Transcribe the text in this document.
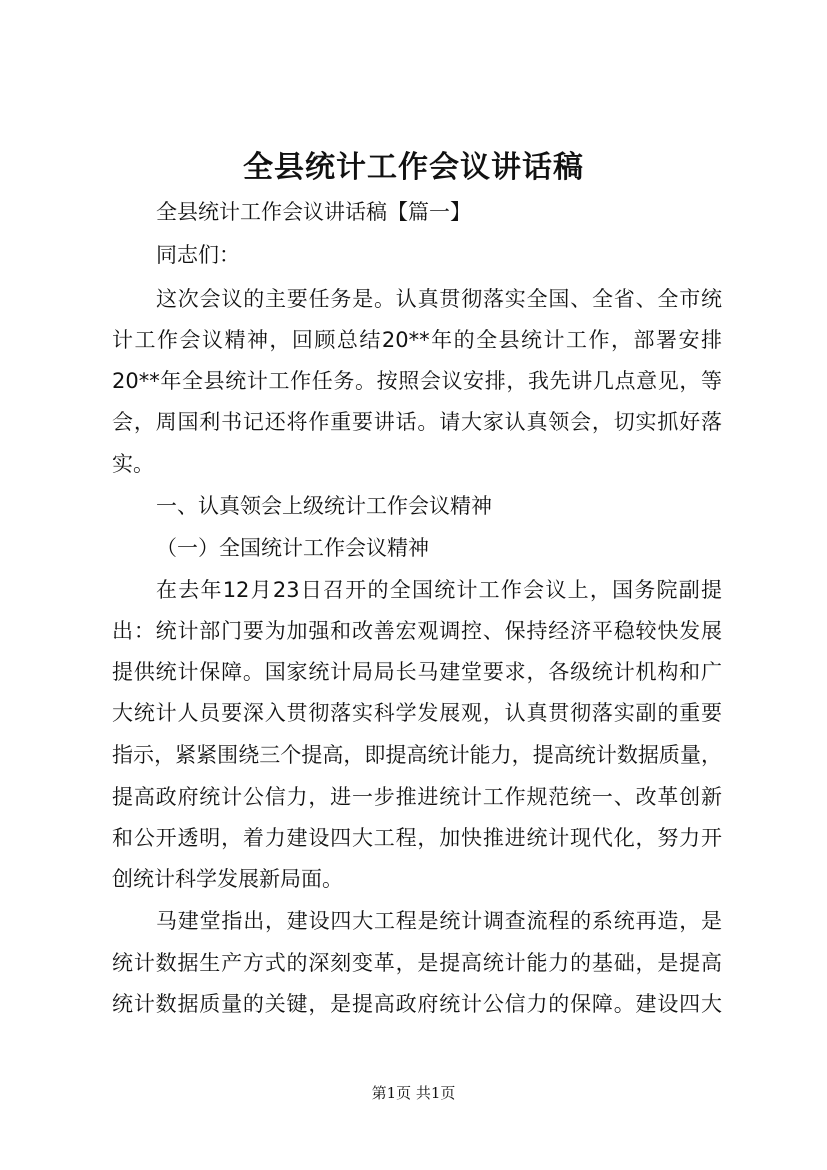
全县统计工作会议讲话稿
全县统计工作会议讲话稿【篇一】
同志们：
这次会议的主要任务是。认真贯彻落实全国、全省、全市统
计工作会议精神，回顾总结20**年的全县统计工作，部署安排
20**年全县统计工作任务。按照会议安排，我先讲几点意见，等
会，周国利书记还将作重要讲话。请大家认真领会，切实抓好落
实。
一、认真领会上级统计工作会议精神
（一）全国统计工作会议精神
在去年12月23日召开的全国统计工作会议上，国务院副提
出：统计部门要为加强和改善宏观调控、保持经济平稳较快发展
提供统计保障。国家统计局局长马建堂要求，各级统计机构和广
大统计人员要深入贯彻落实科学发展观，认真贯彻落实副的重要
指示，紧紧围绕三个提高，即提高统计能力，提高统计数据质量，
提高政府统计公信力，进一步推进统计工作规范统一、改革创新
和公开透明，着力建设四大工程，加快推进统计现代化，努力开
创统计科学发展新局面。
马建堂指出，建设四大工程是统计调查流程的系统再造，是
统计数据生产方式的深刻变革，是提高统计能力的基础，是提高
统计数据质量的关键，是提高政府统计公信力的保障。建设四大
第1页 共1页
